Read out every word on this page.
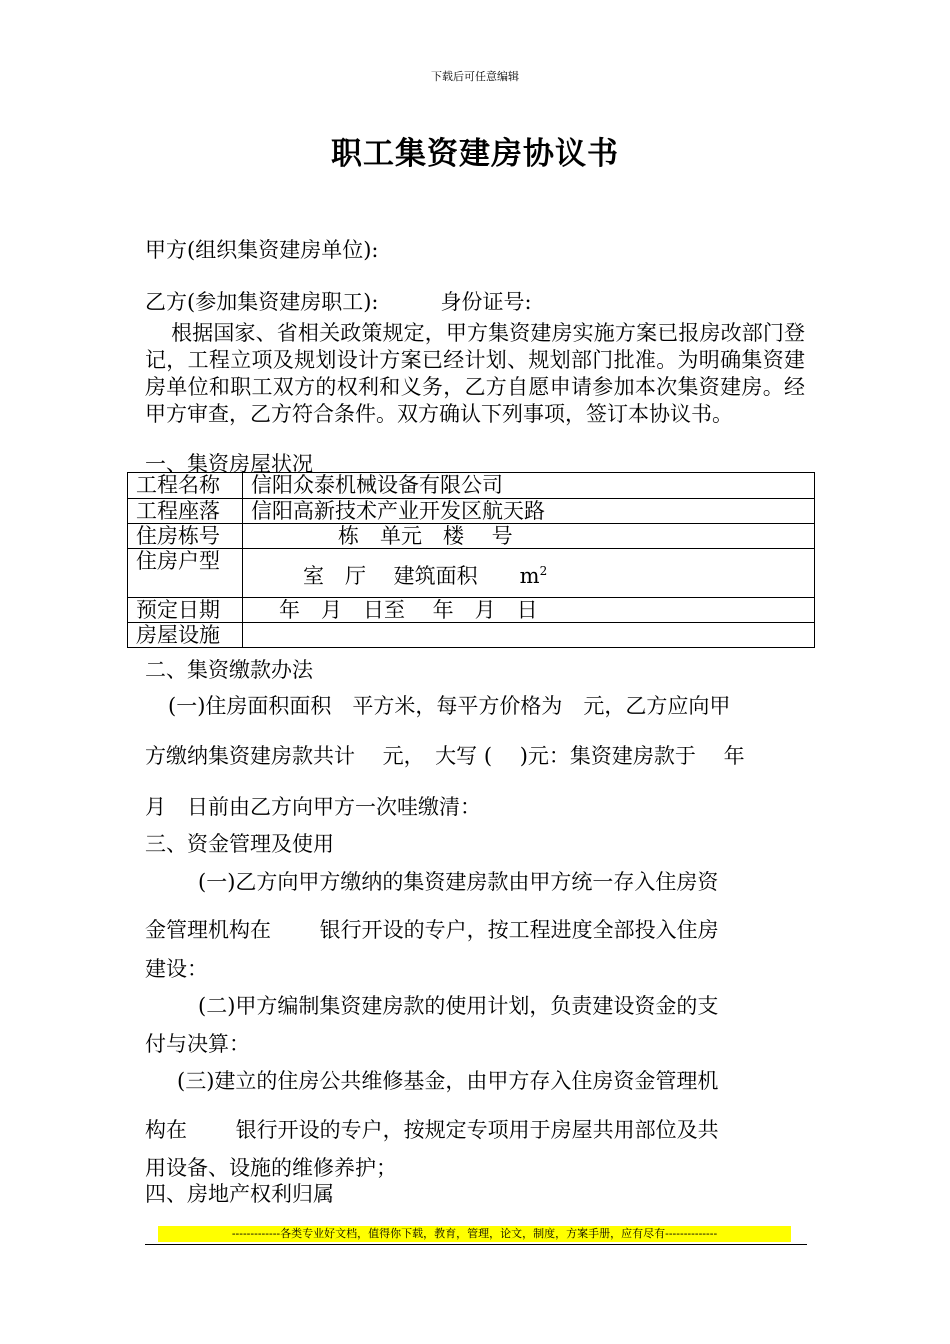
下载后可任意编辑
职工集资建房协议书
甲方(组织集资建房单位):
乙方(参加集资建房职工):	身份证号:
根据国家、省相关政策规定，甲方集资建房实施方案已报房改部门登记，工程立项及规划设计方案已经计划、规划部门批准。为明确集资建房单位和职工双方的权利和义务，乙方自愿申请参加本次集资建房。经甲方审查，乙方符合条件。双方确认下列事项，签订本协议书。
一、集资房屋状况
工程名称	信阳众泰机械设备有限公司
工程座落	信阳高新技术产业开发区航天路
住房栋号	栋　单元　楼　 号
住房户型	室　厅　 建筑面积　　$m^2$
预定日期	年　月　日至　 年　月　日
房屋设施	
二、集资缴款办法
(一)住房面积面积　平方米，每平方价格为　元，乙方应向甲
方缴纳集资建房款共计　 元，　大写 (　 )元：集资建房款于　 年
月　日前由乙方向甲方一次哇缴清：
三、资金管理及使用
(一)乙方向甲方缴纳的集资建房款由甲方统一存入住房资
金管理机构在　　 银行开设的专户，按工程进度全部投入住房
建设：
(二)甲方编制集资建房款的使用计划，负责建设资金的支
付与决算：
(三)建立的住房公共维修基金，由甲方存入住房资金管理机
构在　　 银行开设的专户，按规定专项用于房屋共用部位及共
用设备、设施的维修养护；
四、房地产权利归属
-------------各类专业好文档，值得你下载，教育，管理，论文，制度，方案手册，应有尽有--------------
